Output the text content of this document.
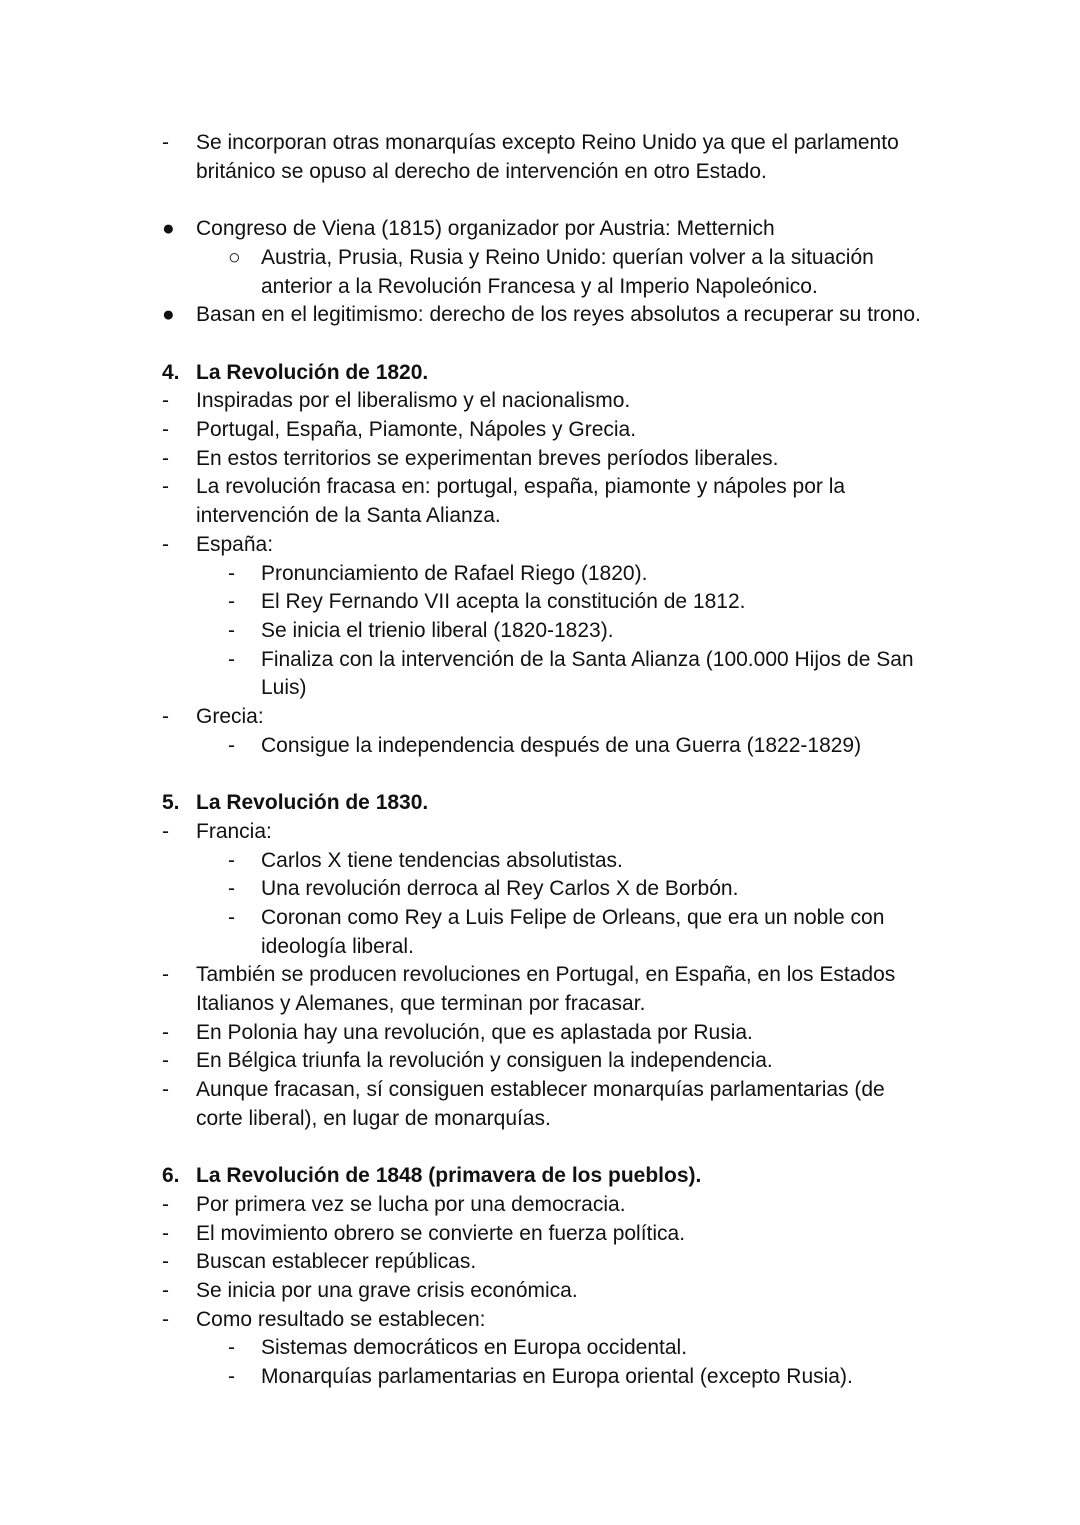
- Se incorporan otras monarquías excepto Reino Unido ya que el parlamento
británico se opuso al derecho de intervención en otro Estado.
● Congreso de Viena (1815) organizador por Austria: Metternich
○ Austria, Prusia, Rusia y Reino Unido: querían volver a la situación
anterior a la Revolución Francesa y al Imperio Napoleónico.
● Basan en el legitimismo: derecho de los reyes absolutos a recuperar su trono.
4. La Revolución de 1820.
- Inspiradas por el liberalismo y el nacionalismo.
- Portugal, España, Piamonte, Nápoles y Grecia.
- En estos territorios se experimentan breves períodos liberales.
- La revolución fracasa en: portugal, españa, piamonte y nápoles por la
intervención de la Santa Alianza.
- España:
- Pronunciamiento de Rafael Riego (1820).
- El Rey Fernando VII acepta la constitución de 1812.
- Se inicia el trienio liberal (1820-1823).
- Finaliza con la intervención de la Santa Alianza (100.000 Hijos de San
Luis)
- Grecia:
- Consigue la independencia después de una Guerra (1822-1829)
5. La Revolución de 1830.
- Francia:
- Carlos X tiene tendencias absolutistas.
- Una revolución derroca al Rey Carlos X de Borbón.
- Coronan como Rey a Luis Felipe de Orleans, que era un noble con
ideología liberal.
- También se producen revoluciones en Portugal, en España, en los Estados
Italianos y Alemanes, que terminan por fracasar.
- En Polonia hay una revolución, que es aplastada por Rusia.
- En Bélgica triunfa la revolución y consiguen la independencia.
- Aunque fracasan, sí consiguen establecer monarquías parlamentarias (de
corte liberal), en lugar de monarquías.
6. La Revolución de 1848 (primavera de los pueblos).
- Por primera vez se lucha por una democracia.
- El movimiento obrero se convierte en fuerza política.
- Buscan establecer repúblicas.
- Se inicia por una grave crisis económica.
- Como resultado se establecen:
- Sistemas democráticos en Europa occidental.
- Monarquías parlamentarias en Europa oriental (excepto Rusia).
